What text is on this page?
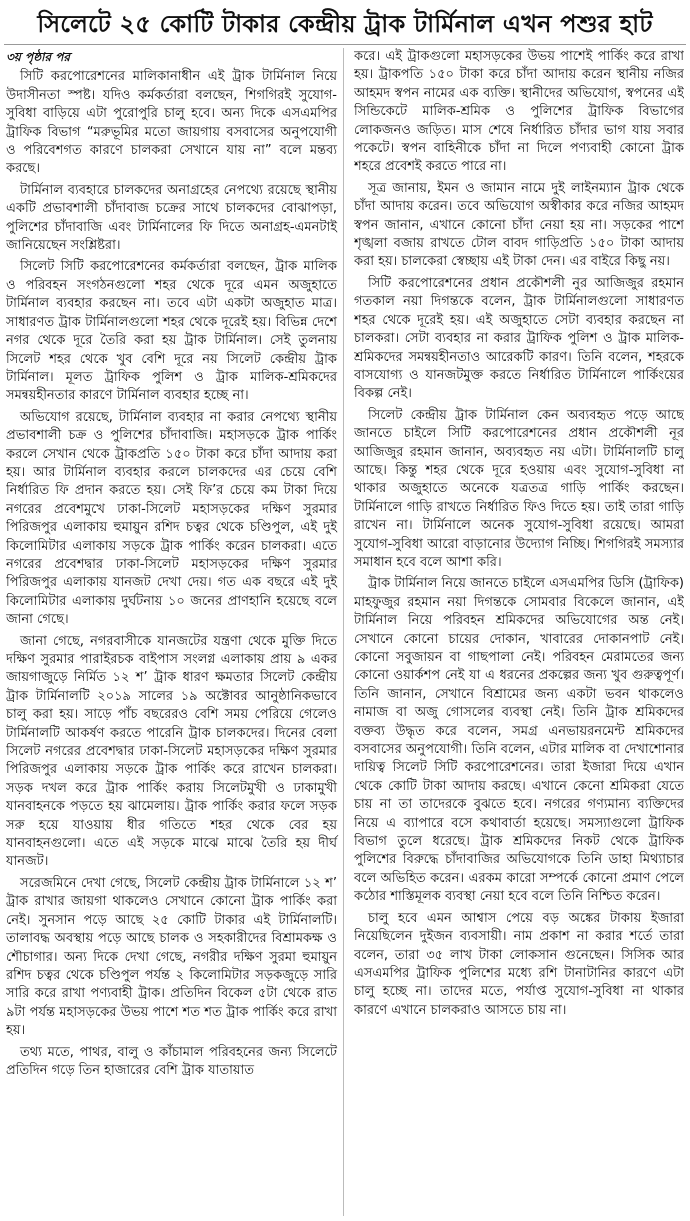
সিলেটে ২৫ কোটি টাকার কেন্দ্রীয় ট্রাক টার্মিনাল এখন পশুর হাট

৩য় পৃষ্ঠার পর

সিটি করপোরেশনের মালিকানাধীন এই ট্রাক টার্মিনাল নিয়ে উদাসীনতা স্পষ্ট। যদিও কর্মকর্তারা বলছেন, শিগগিরই সুযোগ-সুবিধা বাড়িয়ে এটা পুরোপুরি চালু হবে। অন্য দিকে এসএমপির ট্রাফিক বিভাগ “মরুভূমির মতো জায়গায় বসবাসের অনুপযোগী ও পরিবেশগত কারণে চালকরা সেখানে যায় না” বলে মন্তব্য করছে।

টার্মিনাল ব্যবহারে চালকদের অনাগ্রহের নেপথ্যে রয়েছে স্থানীয় একটি প্রভাবশালী চাঁদাবাজ চক্রের সাথে চালকদের বোঝাপড়া, পুলিশের চাঁদাবাজি এবং টার্মিনালের ফি দিতে অনাগ্রহ-এমনটাই জানিয়েছেন সংশ্লিষ্টরা।

সিলেট সিটি করপোরেশনের কর্মকর্তারা বলছেন, ট্রাক মালিক ও পরিবহন সংগঠনগুলো শহর থেকে দূরে এমন অজুহাতে টার্মিনাল ব্যবহার করছেন না। তবে এটা একটা অজুহাত মাত্র। সাধারণত ট্রাক টার্মিনালগুলো শহর থেকে দূরেই হয়। বিভিন্ন দেশে নগর থেকে দূরে তৈরি করা হয় ট্রাক টার্মিনাল। সেই তুলনায় সিলেট শহর থেকে খুব বেশি দূরে নয় সিলেট কেন্দ্রীয় ট্রাক টার্মিনাল। মূলত ট্রাফিক পুলিশ ও ট্রাক মালিক-শ্রমিকদের সমন্বয়হীনতার কারণে টার্মিনাল ব্যবহার হচ্ছে না।

অভিযোগ রয়েছে, টার্মিনাল ব্যবহার না করার নেপথ্যে স্থানীয় প্রভাবশালী চক্র ও পুলিশের চাঁদাবাজি। মহাসড়কে ট্রাক পার্কিং করলে সেখান থেকে ট্রাকপ্রতি ১৫০ টাকা করে চাঁদা আদায় করা হয়। আর টার্মিনাল ব্যবহার করলে চালকদের এর চেয়ে বেশি নির্ধারিত ফি প্রদান করতে হয়। সেই ফি’র চেয়ে কম টাকা দিয়ে নগরের প্রবেশমুখে ঢাকা-সিলেট মহাসড়কের দক্ষিণ সুরমার পিরিজপুর এলাকায় হুমায়ুন রশিদ চত্বর থেকে চণ্ডিপুল, এই দুই কিলোমিটার এলাকায় সড়কে ট্রাক পার্কিং করেন চালকরা। এতে নগরের প্রবেশদ্বার ঢাকা-সিলেট মহাসড়কের দক্ষিণ সুরমার পিরিজপুর এলাকায় যানজট দেখা দেয়। গত এক বছরে এই দুই কিলোমিটার এলাকায় দুর্ঘটনায় ১০ জনের প্রাণহানি হয়েছে বলে জানা গেছে।

জানা গেছে, নগরবাসীকে যানজটের যন্ত্রণা থেকে মুক্তি দিতে দক্ষিণ সুরমার পারাইরচক বাইপাস সংলগ্ন এলাকায় প্রায় ৯ একর জায়গাজুড়ে নির্মিত ১২ শ’ ট্রাক ধারণ ক্ষমতার সিলেট কেন্দ্রীয় ট্রাক টার্মিনালটি ২০১৯ সালের ১৯ অক্টোবর আনুষ্ঠানিকভাবে চালু করা হয়। সাড়ে পাঁচ বছরেরও বেশি সময় পেরিয়ে গেলেও টার্মিনালটি আকর্ষণ করতে পারেনি ট্রাক চালকদের। দিনের বেলা সিলেট নগরের প্রবেশদ্বার ঢাকা-সিলেট মহাসড়কের দক্ষিণ সুরমার পিরিজপুর এলাকায় সড়কে ট্রাক পার্কিং করে রাখেন চালকরা। সড়ক দখল করে ট্রাক পার্কিং করায় সিলেটমুখী ও ঢাকামুখী যানবাহনকে পড়তে হয় ঝামেলায়। ট্রাক পার্কিং করার ফলে সড়ক সরু হয়ে যাওয়ায় ধীর গতিতে শহর থেকে বের হয় যানবাহনগুলো। এতে এই সড়কে মাঝে মাঝে তৈরি হয় দীর্ঘ যানজট।

সরেজমিনে দেখা গেছে, সিলেট কেন্দ্রীয় ট্রাক টার্মিনালে ১২ শ’ ট্রাক রাখার জায়গা থাকলেও সেখানে কোনো ট্রাক পার্কিং করা নেই। সুনসান পড়ে আছে ২৫ কোটি টাকার এই টার্মিনালটি। তালাবদ্ধ অবস্থায় পড়ে আছে চালক ও সহকারীদের বিশ্রামকক্ষ ও শৌচাগার। অন্য দিকে দেখা গেছে, নগরীর দক্ষিণ সুরমা হুমায়ুন রশিদ চত্বর থেকে চণ্ডিপুল পর্যন্ত ২ কিলোমিটার সড়কজুড়ে সারি সারি করে রাখা পণ্যবাহী ট্রাক। প্রতিদিন বিকেল ৫টা থেকে রাত ৯টা পর্যন্ত মহাসড়কের উভয় পাশে শত শত ট্রাক পার্কিং করে রাখা হয়।

তথ্য মতে, পাথর, বালু ও কাঁচামাল পরিবহনের জন্য সিলেটে প্রতিদিন গড়ে তিন হাজারের বেশি ট্রাক যাতায়াত

করে। এই ট্রাকগুলো মহাসড়কের উভয় পাশেই পার্কিং করে রাখা হয়। ট্রাকপতি ১৫০ টাকা করে চাঁদা আদায় করেন স্থানীয় নজির আহমদ স্বপন নামের এক ব্যক্তি। স্থানীদের অভিযোগ, স্বপনের এই সিন্ডিকেটে মালিক-শ্রমিক ও পুলিশের ট্রাফিক বিভাগের লোকজনও জড়িত। মাস শেষে নির্ধারিত চাঁদার ভাগ যায় সবার পকেটে। স্বপন বাহিনীকে চাঁদা না দিলে পণ্যবাহী কোনো ট্রাক শহরে প্রবেশই করতে পারে না।

সূত্র জানায়, ইমন ও জামান নামে দুই লাইনম্যান ট্রাক থেকে চাঁদা আদায় করেন। তবে অভিযোগ অস্বীকার করে নজির আহমদ স্বপন জানান, এখানে কোনো চাঁদা নেয়া হয় না। সড়কের পাশে শৃঙ্খলা বজায় রাখতে টোল বাবদ গাড়িপ্রতি ১৫০ টাকা আদায় করা হয়। চালকেরা স্বেচ্ছায় এই টাকা দেন। এর বাইরে কিছু নয়।

সিটি করপোরেশনের প্রধান প্রকৌশলী নুর আজিজুর রহমান গতকাল নয়া দিগন্তকে বলেন, ট্রাক টার্মিনালগুলো সাধারণত শহর থেকে দূরেই হয়। এই অজুহাতে সেটা ব্যবহার করছেন না চালকরা। সেটা ব্যবহার না করার ট্রাফিক পুলিশ ও ট্রাক মালিক-শ্রমিকদের সমন্বয়হীনতাও আরেকটি কারণ। তিনি বলেন, শহরকে বাসযোগ্য ও যানজটমুক্ত করতে নির্ধারিত টার্মিনালে পার্কিংয়ের বিকল্প নেই।

সিলেট কেন্দ্রীয় ট্রাক টার্মিনাল কেন অব্যবহৃত পড়ে আছে জানতে চাইলে সিটি করপোরেশনের প্রধান প্রকৌশলী নূর আজিজুর রহমান জানান, অব্যবহৃত নয় এটা। টার্মিনালটি চালু আছে। কিন্তু শহর থেকে দূরে হওয়ায় এবং সুযোগ-সুবিধা না থাকার অজুহাতে অনেকে যত্রতত্র গাড়ি পার্কিং করছেন। টার্মিনালে গাড়ি রাখতে নির্ধারিত ফিও দিতে হয়। তাই তারা গাড়ি রাখেন না। টার্মিনালে অনেক সুযোগ-সুবিধা রয়েছে। আমরা সুযোগ-সুবিধা আরো বাড়ানোর উদ্যোগ নিচ্ছি। শিগগিরই সমস্যার সমাধান হবে বলে আশা করি।

ট্রাক টার্মিনাল নিয়ে জানতে চাইলে এসএমপির ডিসি (ট্রাফিক) মাহফুজুর রহমান নয়া দিগন্তকে সোমবার বিকেলে জানান, এই টার্মিনাল নিয়ে পরিবহন শ্রমিকদের অভিযোগের অন্ত নেই। সেখানে কোনো চায়ের দোকান, খাবারের দোকানপাট নেই। কোনো সবুজায়ন বা গাছপালা নেই। পরিবহন মেরামতের জন্য কোনো ওয়ার্কশপ নেই যা এ ধরনের প্রকল্পের জন্য খুব গুরুত্বপূর্ণ। তিনি জানান, সেখানে বিশ্রামের জন্য একটা ভবন থাকলেও নামাজ বা অজু গোসলের ব্যবস্থা নেই। তিনি ট্রাক শ্রমিকদের বক্তব্য উদ্ধৃত করে বলেন, সমগ্র এনভায়রনমেন্ট শ্রমিকদের বসবাসের অনুপযোগী। তিনি বলেন, এটার মালিক বা দেখাশোনার দায়িত্ব সিলেট সিটি করপোরেশনের। তারা ইজারা দিয়ে এখান থেকে কোটি টাকা আদায় করছে। এখানে কেনো শ্রমিকরা যেতে চায় না তা তাদেরকে বুঝতে হবে। নগরের গণ্যমান্য ব্যক্তিদের নিয়ে এ ব্যাপারে বসে কথাবার্তা হয়েছে। সমস্যাগুলো ট্রাফিক বিভাগ তুলে ধরেছে। ট্রাক শ্রমিকদের নিকট থেকে ট্রাফিক পুলিশের বিরুদ্ধে চাঁদাবাজির অভিযোগকে তিনি ডাহা মিথ্যাচার বলে অভিহিত করেন। এরকম কারো সম্পর্কে কোনো প্রমাণ পেলে কঠোর শাস্তিমূলক ব্যবস্থা নেয়া হবে বলে তিনি নিশ্চিত করেন।

চালু হবে এমন আশ্বাস পেয়ে বড় অঙ্কের টাকায় ইজারা নিয়েছিলেন দুইজন ব্যবসায়ী। নাম প্রকাশ না করার শর্তে তারা বলেন, তারা ৩৫ লাখ টাকা লোকসান গুনেছেন। সিসিক আর এসএমপির ট্রাফিক পুলিশের মধ্যে রশি টানাটানির কারণে এটা চালু হচ্ছে না। তাদের মতে, পর্যাপ্ত সুযোগ-সুবিধা না থাকার কারণে এখানে চালকরাও আসতে চায় না।
